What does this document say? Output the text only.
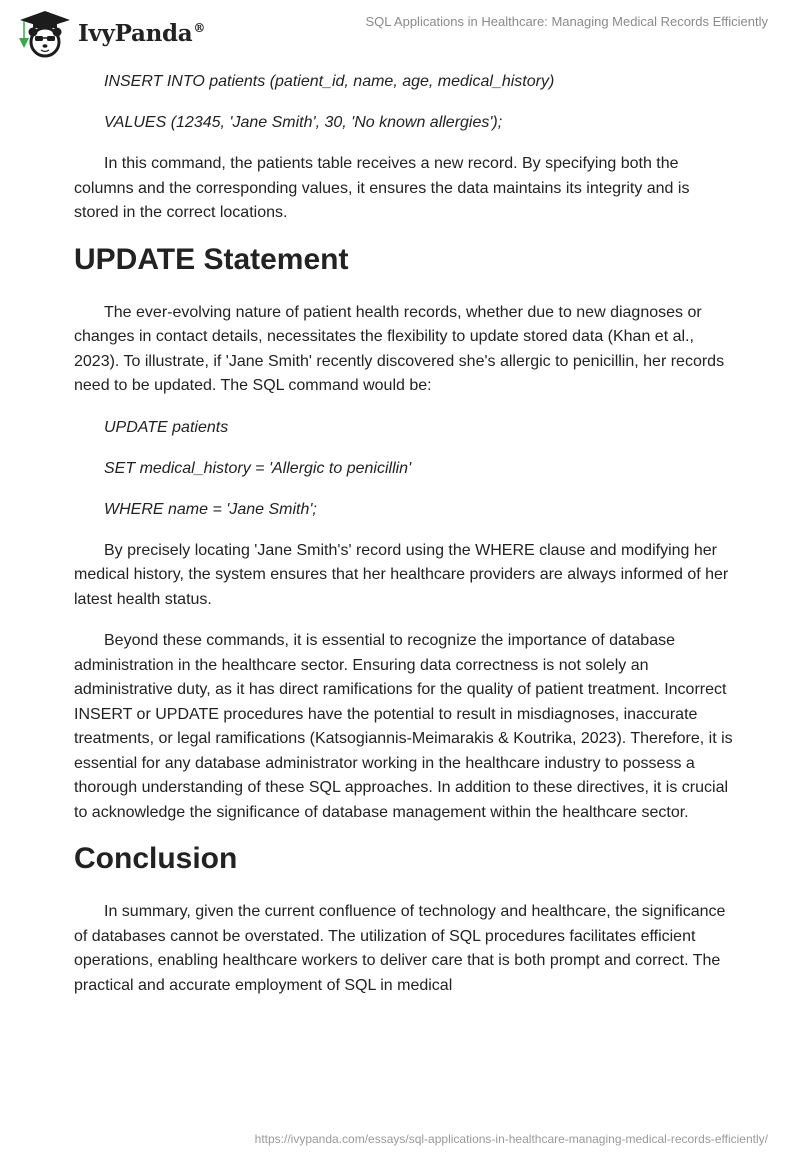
IvyPanda®	SQL Applications in Healthcare: Managing Medical Records Efficiently
INSERT INTO patients (patient_id, name, age, medical_history)
VALUES (12345, 'Jane Smith', 30, 'No known allergies');

In this command, the patients table receives a new record. By specifying both the columns and the corresponding values, it ensures the data maintains its integrity and is stored in the correct locations.

UPDATE Statement

The ever-evolving nature of patient health records, whether due to new diagnoses or changes in contact details, necessitates the flexibility to update stored data (Khan et al., 2023). To illustrate, if 'Jane Smith' recently discovered she's allergic to penicillin, her records need to be updated. The SQL command would be:

UPDATE patients
SET medical_history = 'Allergic to penicillin'
WHERE name = 'Jane Smith';

By precisely locating 'Jane Smith's' record using the WHERE clause and modifying her medical history, the system ensures that her healthcare providers are always informed of her latest health status.

Beyond these commands, it is essential to recognize the importance of database administration in the healthcare sector. Ensuring data correctness is not solely an administrative duty, as it has direct ramifications for the quality of patient treatment. Incorrect INSERT or UPDATE procedures have the potential to result in misdiagnoses, inaccurate treatments, or legal ramifications (Katsogiannis-Meimarakis & Koutrika, 2023). Therefore, it is essential for any database administrator working in the healthcare industry to possess a thorough understanding of these SQL approaches. In addition to these directives, it is crucial to acknowledge the significance of database management within the healthcare sector.

Conclusion

In summary, given the current confluence of technology and healthcare, the significance of databases cannot be overstated. The utilization of SQL procedures facilitates efficient operations, enabling healthcare workers to deliver care that is both prompt and correct. The practical and accurate employment of SQL in medical

https://ivypanda.com/essays/sql-applications-in-healthcare-managing-medical-records-efficiently/
